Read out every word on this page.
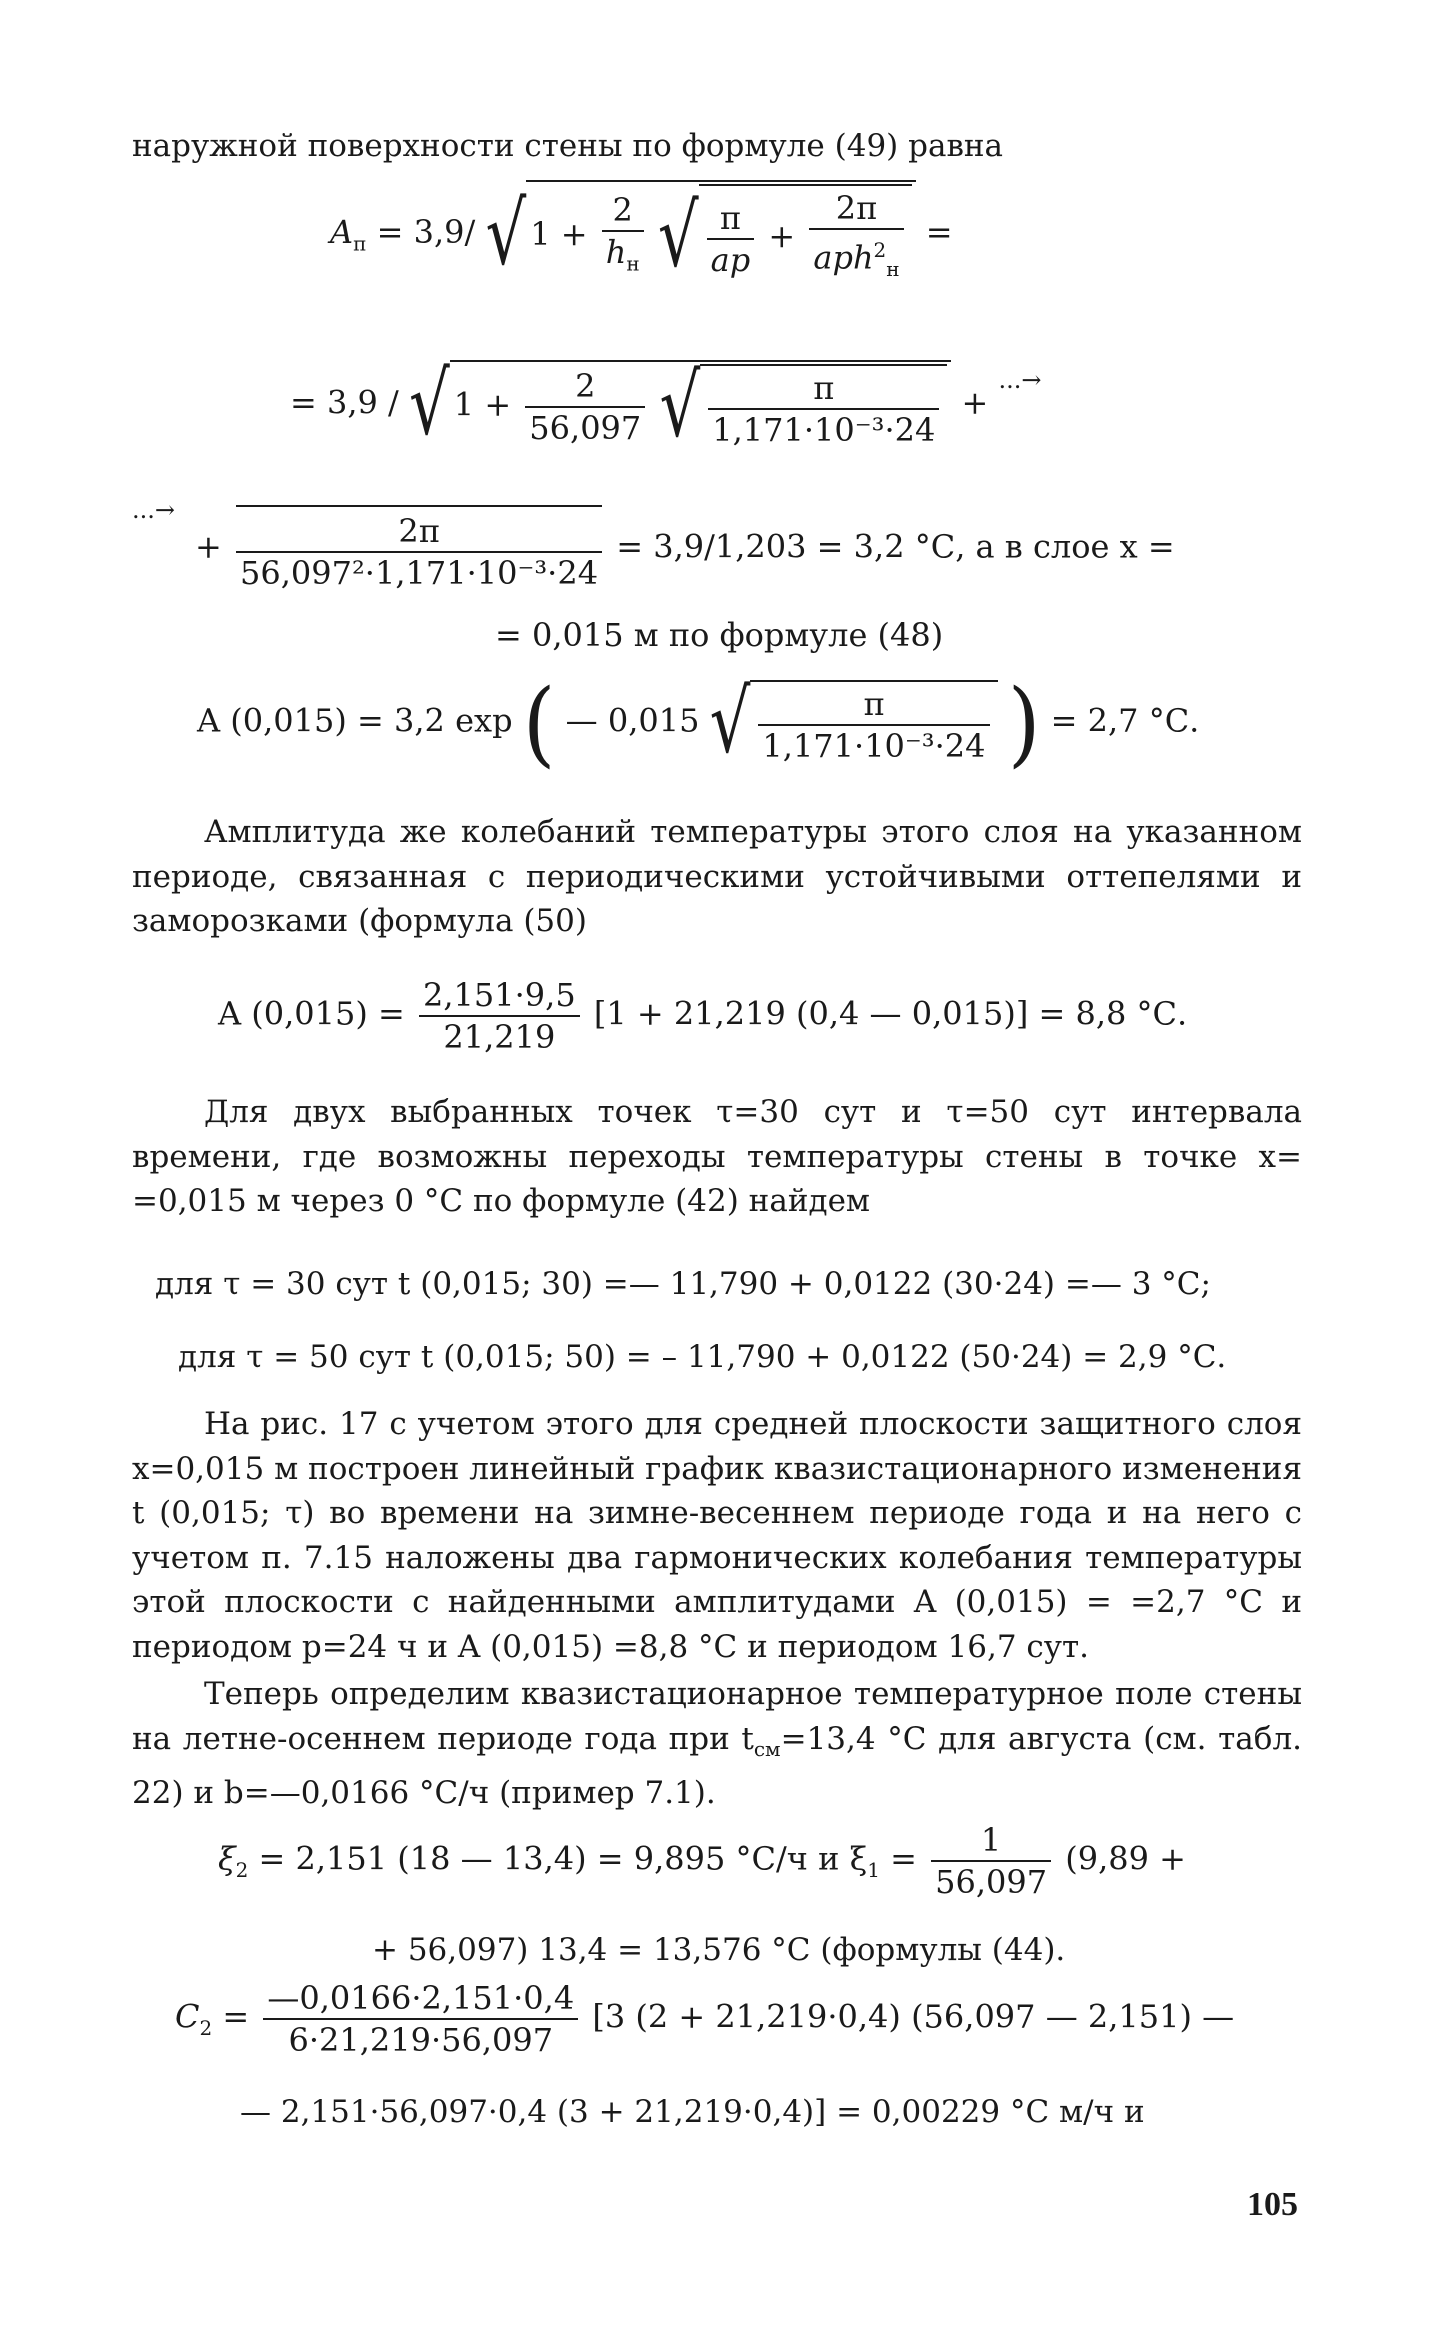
наружной поверхности стены по формуле (49) равна
$A_п = 3,9/$ √ $1 + \frac{2}{h_н}$ √ $\frac{\pi}{ap} + \frac{2\pi}{aph^2_н}$ =
= 3,9 / √ $1 + \frac{2}{56,097}$ √ $\frac{\pi}{\text{1,171·10⁻³·24}} + ^{...\to}$
...→
+ $\frac{2\pi}{\text{56,097²·1,171·10⁻³·24}} = 3,9/1,203 = 3,2$ °С, а в слое x =
= 0,015 м по формуле (48)
A (0,015) = 3,2 exp ( — 0,015 √ $\frac{\pi}{\text{1,171·10⁻³·24}}$ ) = 2,7 °С.

Амплитуда же колебаний температуры этого слоя на указанном периоде, связанная с периодическими устойчивыми оттепелями и заморозками (формула (50)

A $(0,015) = \frac{2,151\cdot 9,5}{21,219} [1 + 21,219$ (0,4 — 0,015)] = 8,8 °С.

Для двух выбранных точек τ=30 сут и τ=50 сут интервала времени, где возможны переходы температуры стены в точке x= =0,015 м через 0 °С по формуле (42) найдем

для τ = 30 сут t (0,015; 30) =— 11,790 + 0,0122 (30·24) =— 3 °С;
для τ = 50 сут t (0,015; 50) = – 11,790 + 0,0122 (50·24) = 2,9 °С.

На рис. 17 с учетом этого для средней плоскости защитного слоя x=0,015 м построен линейный график квазистационарного изменения t (0,015; τ) во времени на зимне-весеннем периоде года и на него с учетом п. 7.15 наложены два гармонических колебания температуры этой плоскости с найденными амплитудами A (0,015) = =2,7 °С и периодом p=24 ч и A (0,015) =8,8 °С и периодом 16,7 сут.

Теперь определим квазистационарное температурное поле стены на летне-осеннем периоде года при $t_{см}=13,4$ °С для августа (см. табл. 22) и b=—0,0166 °С/ч (пример 7.1).

$\xi_2 = 2,151$ (18 — 13,4) = 9,895 °С/ч и $\xi_1 = \frac{1}{56,097} (9,89$ +
+ 56,097) 13,4 = 13,576 °С (формулы (44).
$C_2 = \frac{—0,0166\cdot 2,151\cdot 0,4}{6\cdot 21,219\cdot 56,097} [3$ (2 + 21,219·0,4) (56,097 — 2,151) —
— 2,151·56,097·0,4 (3 + 21,219·0,4)] = 0,00229 °С м/ч и
105
